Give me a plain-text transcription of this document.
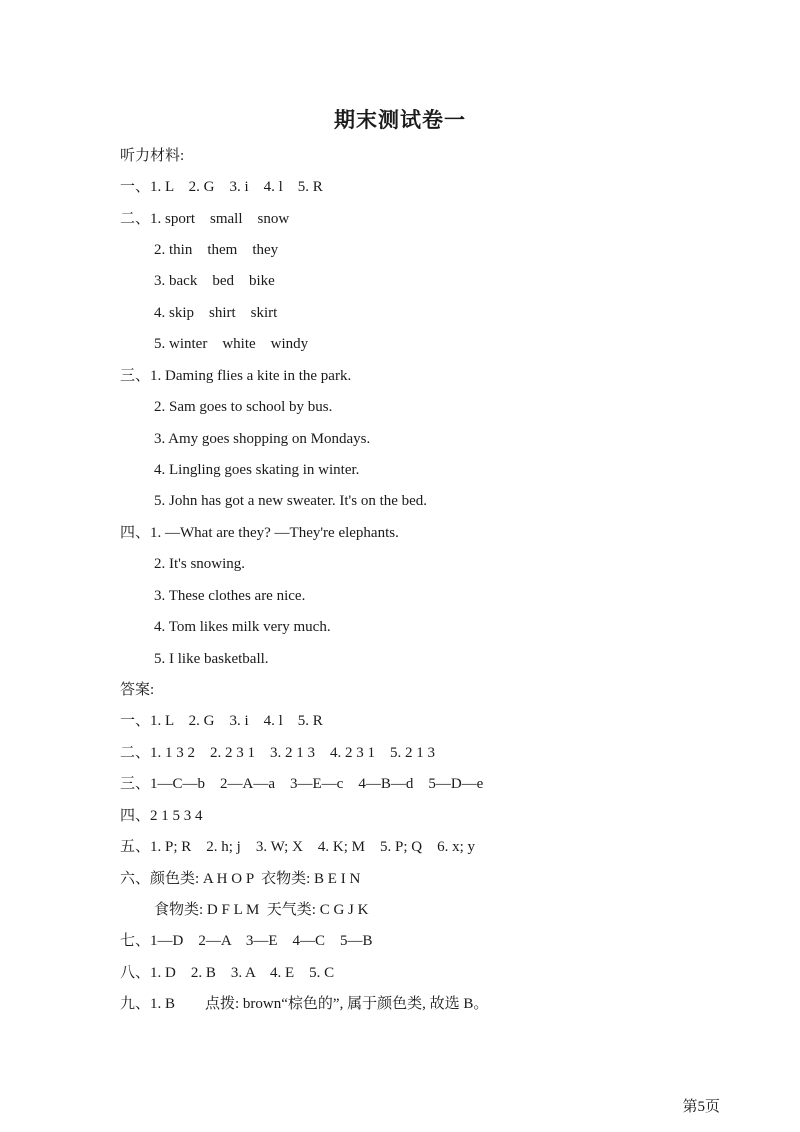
期末测试卷一
听力材料:
一、1. L    2. G    3. i    4. l    5. R
二、1. sport    small    snow
2. thin    them    they
3. back    bed    bike
4. skip    shirt    skirt
5. winter    white    windy
三、1. Daming flies a kite in the park.
2. Sam goes to school by bus.
3. Amy goes shopping on Mondays.
4. Lingling goes skating in winter.
5. John has got a new sweater. It's on the bed.
四、1. —What are they? —They're elephants.
2. It's snowing.
3. These clothes are nice.
4. Tom likes milk very much.
5. I like basketball.
答案:
一、1. L    2. G    3. i    4. l    5. R
二、1. 1 3 2    2. 2 3 1    3. 2 1 3    4. 2 3 1    5. 2 1 3
三、1—C—b    2—A—a    3—E—c    4—B—d    5—D—e
四、2 1 5 3 4
五、1. P; R    2. h; j    3. W; X    4. K; M    5. P; Q    6. x; y
六、颜色类: A H O P  衣物类: B E I N
食物类: D F L M  天气类: C G J K
七、1—D    2—A    3—E    4—C    5—B
八、1. D    2. B    3. A    4. E    5. C
九、1. B        点拨: brown“棕色的”, 属于颜色类, 故选 B。
第5页
